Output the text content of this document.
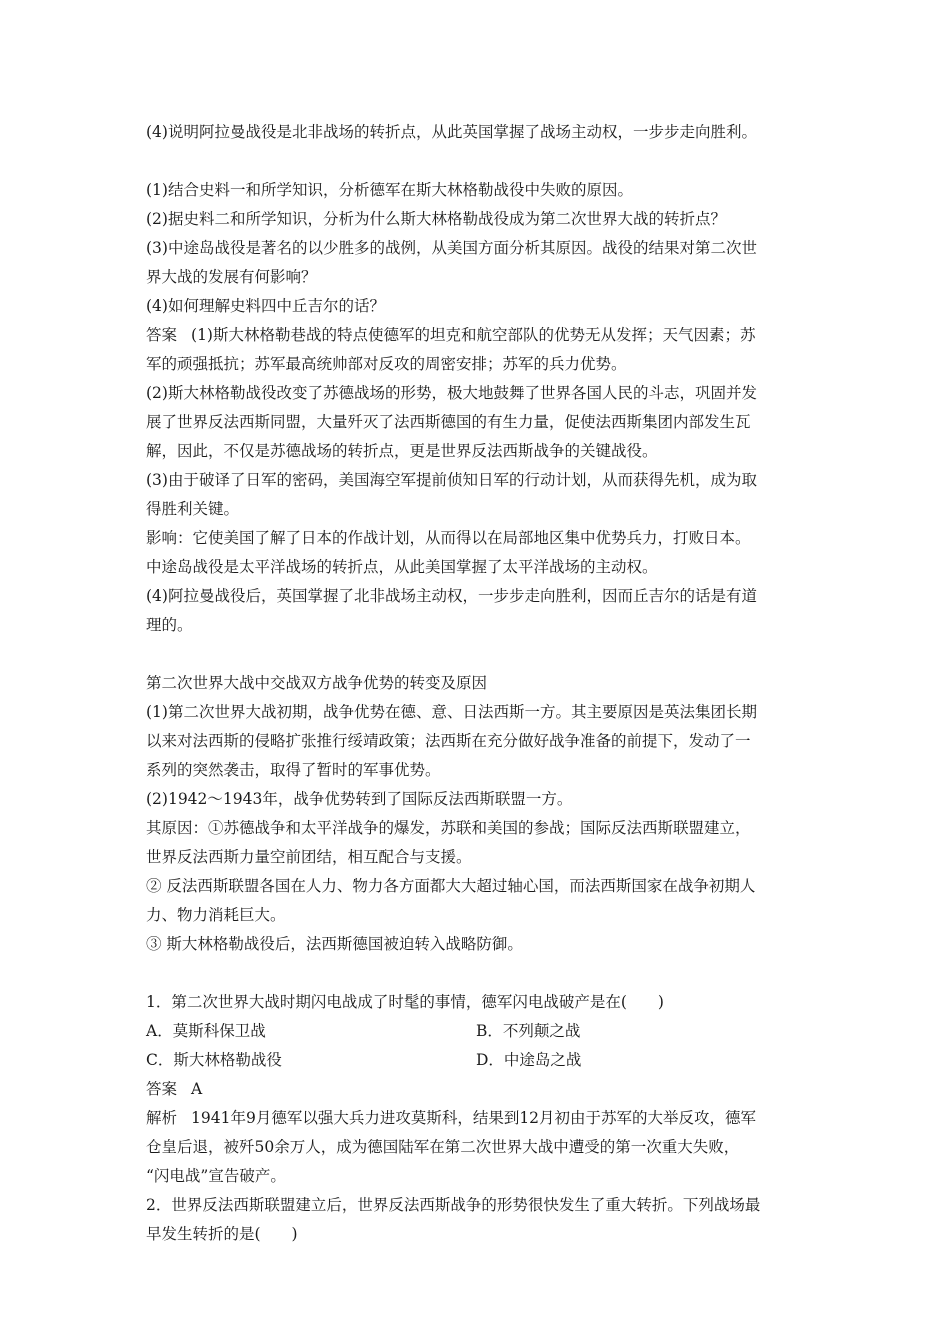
(4)说明阿拉曼战役是北非战场的转折点，从此英国掌握了战场主动权，一步步走向胜利。
(1)结合史料一和所学知识，分析德军在斯大林格勒战役中失败的原因。
(2)据史料二和所学知识，分析为什么斯大林格勒战役成为第二次世界大战的转折点？
(3)中途岛战役是著名的以少胜多的战例，从美国方面分析其原因。战役的结果对第二次世
界大战的发展有何影响？
(4)如何理解史料四中丘吉尔的话？
答案 (1)斯大林格勒巷战的特点使德军的坦克和航空部队的优势无从发挥；天气因素；苏
军的顽强抵抗；苏军最高统帅部对反攻的周密安排；苏军的兵力优势。
(2)斯大林格勒战役改变了苏德战场的形势，极大地鼓舞了世界各国人民的斗志，巩固并发
展了世界反法西斯同盟，大量歼灭了法西斯德国的有生力量，促使法西斯集团内部发生瓦
解，因此，不仅是苏德战场的转折点，更是世界反法西斯战争的关键战役。
(3)由于破译了日军的密码，美国海空军提前侦知日军的行动计划，从而获得先机，成为取
得胜利关键。
影响：它使美国了解了日本的作战计划，从而得以在局部地区集中优势兵力，打败日本。
中途岛战役是太平洋战场的转折点，从此美国掌握了太平洋战场的主动权。
(4)阿拉曼战役后，英国掌握了北非战场主动权，一步步走向胜利，因而丘吉尔的话是有道
理的。
第二次世界大战中交战双方战争优势的转变及原因
(1)第二次世界大战初期，战争优势在德、意、日法西斯一方。其主要原因是英法集团长期
以来对法西斯的侵略扩张推行绥靖政策；法西斯在充分做好战争准备的前提下，发动了一
系列的突然袭击，取得了暂时的军事优势。
(2)1942～1943年，战争优势转到了国际反法西斯联盟一方。
其原因：①苏德战争和太平洋战争的爆发，苏联和美国的参战；国际反法西斯联盟建立，
世界反法西斯力量空前团结，相互配合与支援。
② 反法西斯联盟各国在人力、物力各方面都大大超过轴心国，而法西斯国家在战争初期人
力、物力消耗巨大。
③ 斯大林格勒战役后，法西斯德国被迫转入战略防御。
1．第二次世界大战时期闪电战成了时髦的事情，德军闪电战破产是在(　　)
A．莫斯科保卫战	B．不列颠之战
C．斯大林格勒战役	D．中途岛之战
答案 A
解析 1941年9月德军以强大兵力进攻莫斯科，结果到12月初由于苏军的大举反攻，德军
仓皇后退，被歼50余万人，成为德国陆军在第二次世界大战中遭受的第一次重大失败，
“闪电战”宣告破产。
2．世界反法西斯联盟建立后，世界反法西斯战争的形势很快发生了重大转折。下列战场最
早发生转折的是(　　)
